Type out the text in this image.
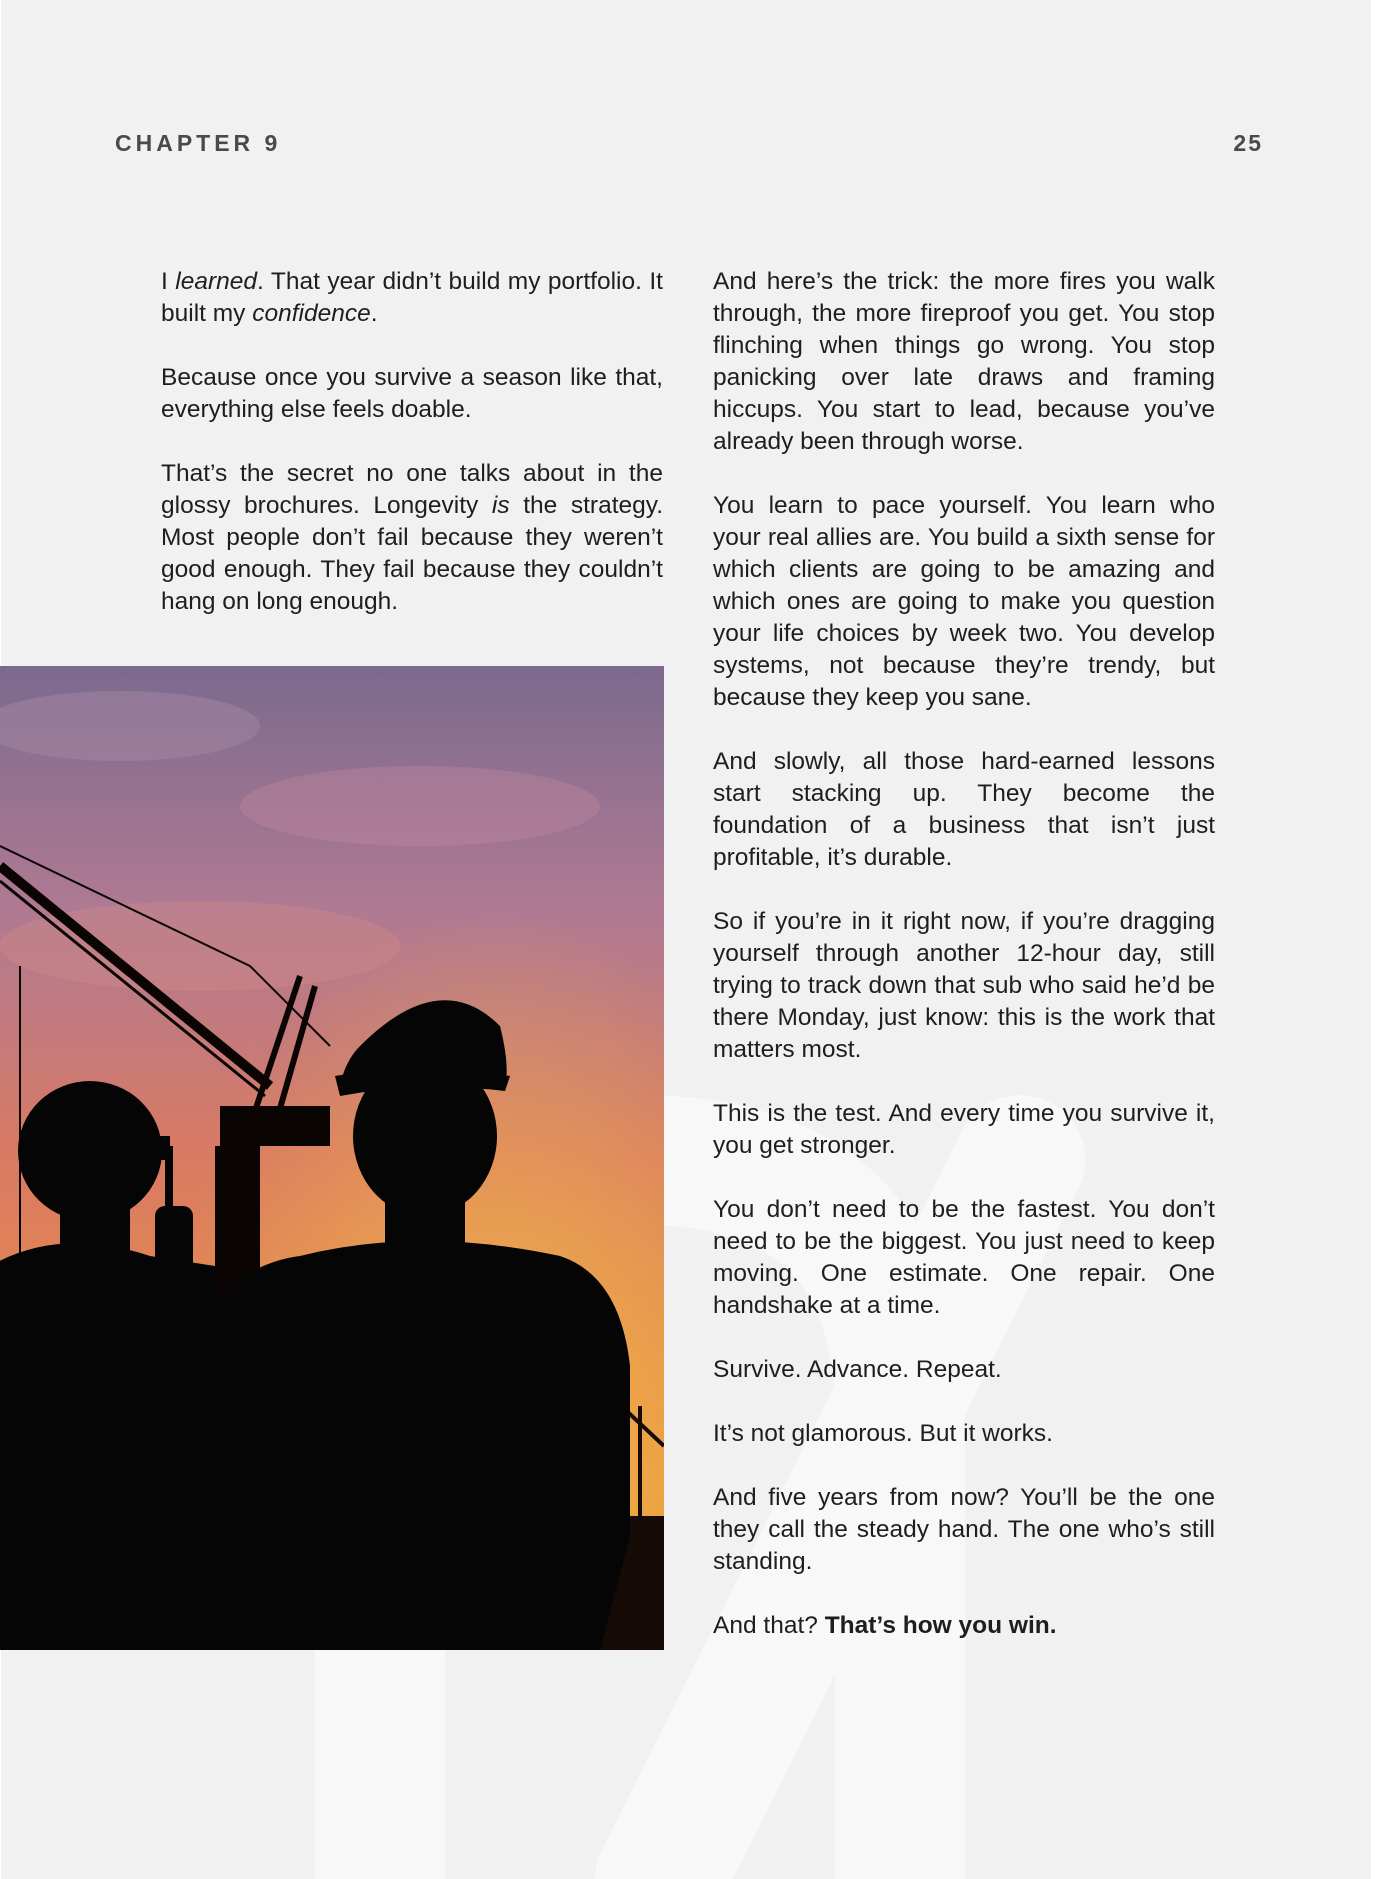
CHAPTER 9	25

I learned. That year didn’t build my portfolio. It built my confidence.

Because once you survive a season like that, everything else feels doable.

That’s the secret no one talks about in the glossy brochures. Longevity is the strategy. Most people don’t fail because they weren’t good enough. They fail because they couldn’t hang on long enough.

And here’s the trick: the more fires you walk through, the more fireproof you get. You stop flinching when things go wrong. You stop panicking over late draws and framing hiccups. You start to lead, because you’ve already been through worse.

You learn to pace yourself. You learn who your real allies are. You build a sixth sense for which clients are going to be amazing and which ones are going to make you question your life choices by week two. You develop systems, not because they’re trendy, but because they keep you sane.

And slowly, all those hard-earned lessons start stacking up. They become the foundation of a business that isn’t just profitable, it’s durable.

So if you’re in it right now, if you’re dragging yourself through another 12-hour day, still trying to track down that sub who said he’d be there Monday, just know: this is the work that matters most.

This is the test. And every time you survive it, you get stronger.

You don’t need to be the fastest. You don’t need to be the biggest. You just need to keep moving. One estimate. One repair. One handshake at a time.

Survive. Advance. Repeat.

It’s not glamorous. But it works.

And five years from now? You’ll be the one they call the steady hand. The one who’s still standing.

And that? That’s how you win.
